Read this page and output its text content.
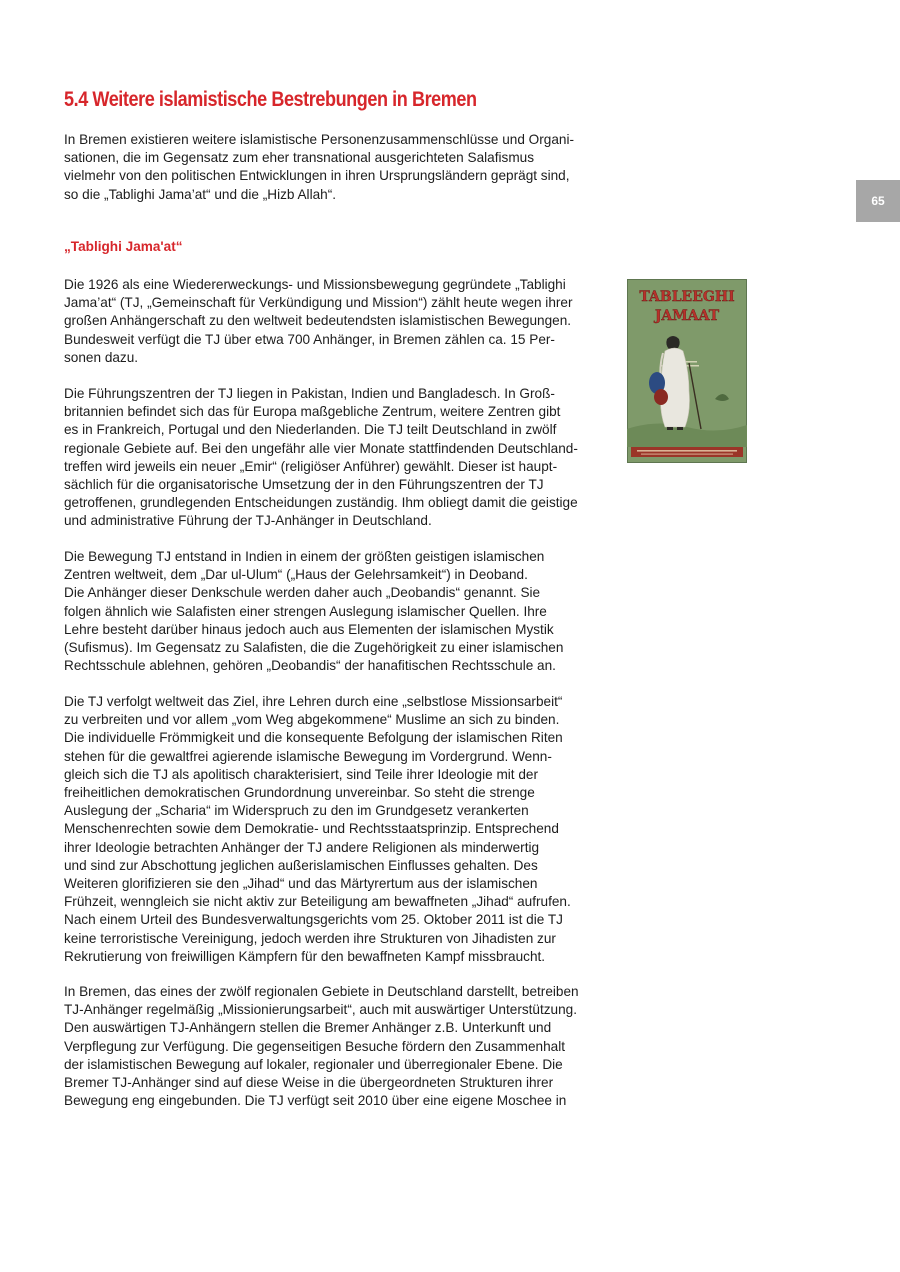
5.4 Weitere islamistische Bestrebungen in Bremen
65

In Bremen existieren weitere islamistische Personenzusammenschlüsse und Organi-
sationen, die im Gegensatz zum eher transnational ausgerichteten Salafismus
vielmehr von den politischen Entwicklungen in ihren Ursprungsländern geprägt sind,
so die „Tablighi Jama’at“ und die „Hizb Allah“.

„Tablighi Jama'at“

Die 1926 als eine Wiedererweckungs- und Missionsbewegung gegründete „Tablighi
Jama’at“ (TJ, „Gemeinschaft für Verkündigung und Mission“) zählt heute wegen ihrer
großen Anhängerschaft zu den weltweit bedeutendsten islamistischen Bewegungen.
Bundesweit verfügt die TJ über etwa 700 Anhänger, in Bremen zählen ca. 15 Per-
sonen dazu.

Die Führungszentren der TJ liegen in Pakistan, Indien und Bangladesch. In Groß-
britannien befindet sich das für Europa maßgebliche Zentrum, weitere Zentren gibt
es in Frankreich, Portugal und den Niederlanden. Die TJ teilt Deutschland in zwölf
regionale Gebiete auf. Bei den ungefähr alle vier Monate stattfindenden Deutschland-
treffen wird jeweils ein neuer „Emir“ (religiöser Anführer) gewählt. Dieser ist haupt-
sächlich für die organisatorische Umsetzung der in den Führungszentren der TJ
getroffenen, grundlegenden Entscheidungen zuständig. Ihm obliegt damit die geistige
und administrative Führung der TJ-Anhänger in Deutschland.

Die Bewegung TJ entstand in Indien in einem der größten geistigen islamischen
Zentren weltweit, dem „Dar ul-Ulum“ („Haus der Gelehrsamkeit“) in Deoband.
Die Anhänger dieser Denkschule werden daher auch „Deobandis“ genannt. Sie
folgen ähnlich wie Salafisten einer strengen Auslegung islamischer Quellen. Ihre
Lehre besteht darüber hinaus jedoch auch aus Elementen der islamischen Mystik
(Sufismus). Im Gegensatz zu Salafisten, die die Zugehörigkeit zu einer islamischen
Rechtsschule ablehnen, gehören „Deobandis“ der hanafitischen Rechtsschule an.

Die TJ verfolgt weltweit das Ziel, ihre Lehren durch eine „selbstlose Missionsarbeit“
zu verbreiten und vor allem „vom Weg abgekommene“ Muslime an sich zu binden.
Die individuelle Frömmigkeit und die konsequente Befolgung der islamischen Riten
stehen für die gewaltfrei agierende islamische Bewegung im Vordergrund. Wenn-
gleich sich die TJ als apolitisch charakterisiert, sind Teile ihrer Ideologie mit der
freiheitlichen demokratischen Grundordnung unvereinbar. So steht die strenge
Auslegung der „Scharia“ im Widerspruch zu den im Grundgesetz verankerten
Menschenrechten sowie dem Demokratie- und Rechtsstaatsprinzip. Entsprechend
ihrer Ideologie betrachten Anhänger der TJ andere Religionen als minderwertig
und sind zur Abschottung jeglichen außerislamischen Einflusses gehalten. Des
Weiteren glorifizieren sie den „Jihad“ und das Märtyrertum aus der islamischen
Frühzeit, wenngleich sie nicht aktiv zur Beteiligung am bewaffneten „Jihad“ aufrufen.
Nach einem Urteil des Bundesverwaltungsgerichts vom 25. Oktober 2011 ist die TJ
keine terroristische Vereinigung, jedoch werden ihre Strukturen von Jihadisten zur
Rekrutierung von freiwilligen Kämpfern für den bewaffneten Kampf missbraucht.

In Bremen, das eines der zwölf regionalen Gebiete in Deutschland darstellt, betreiben
TJ-Anhänger regelmäßig „Missionierungsarbeit“, auch mit auswärtiger Unterstützung.
Den auswärtigen TJ-Anhängern stellen die Bremer Anhänger z.B. Unterkunft und
Verpflegung zur Verfügung. Die gegenseitigen Besuche fördern den Zusammenhalt
der islamistischen Bewegung auf lokaler, regionaler und überregionaler Ebene. Die
Bremer TJ-Anhänger sind auf diese Weise in die übergeordneten Strukturen ihrer
Bewegung eng eingebunden. Die TJ verfügt seit 2010 über eine eigene Moschee in

TABLEEGHI
JAMAAT
